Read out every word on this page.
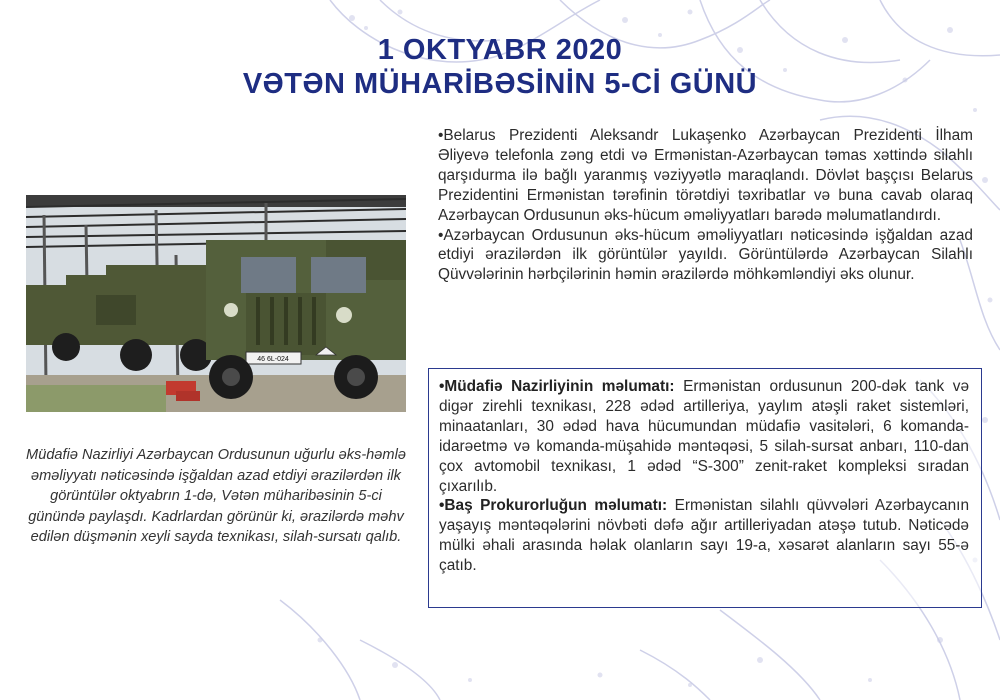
1 OKTYABR 2020
VƏTƏN MÜHARİBƏSİNİN 5-Cİ GÜNÜ

•Belarus Prezidenti Aleksandr Lukaşenko Azərbaycan Prezidenti İlham Əliyevə telefonla zəng etdi və Ermənistan-Azərbaycan təmas xəttində silahlı qarşıdurma ilə bağlı yaranmış vəziyyətlə maraqlandı. Dövlət başçısı Belarus Prezidentini Ermənistan tərəfinin törətdiyi təxribatlar və buna cavab olaraq Azərbaycan Ordusunun əks-hücum əməliyyatları barədə məlumatlandırdı.

•Azərbaycan Ordusunun əks-hücum əməliyyatları nəticəsində işğaldan azad etdiyi ərazilərdən ilk görüntülər yayıldı. Görüntülərdə Azərbaycan Silahlı Qüvvələrinin hərbçilərinin həmin ərazilərdə möhkəmləndiyi əks olunur.

46 6L-024
Müdafiə Nazirliyi Azərbaycan Ordusunun uğurlu əks-həmlə əməliyyatı nəticəsində işğaldan azad etdiyi ərazilərdən ilk görüntülər oktyabrın 1-də, Vətən müharibəsinin 5-ci günündə paylaşdı. Kadrlardan görünür ki, ərazilərdə məhv edilən düşmənin xeyli sayda texnikası, silah-sursatı qalıb.

•Müdafiə Nazirliyinin məlumatı: Ermənistan ordusunun 200-dək tank və digər zirehli texnikası, 228 ədəd artilleriya, yaylım atəşli raket sistemləri, minaatanları, 30 ədəd hava hücumundan müdafiə vasitələri, 6 komanda-idarəetmə və komanda-müşahidə məntəqəsi, 5 silah-sursat anbarı, 110-dan çox avtomobil texnikası, 1 ədəd “S-300” zenit-raket kompleksi sıradan çıxarılıb.

•Baş Prokurorluğun məlumatı: Ermənistan silahlı qüvvələri Azərbaycanın yaşayış məntəqələrini növbəti dəfə ağır artilleriyadan atəşə tutub. Nəticədə mülki əhali arasında həlak olanların sayı 19-a, xəsarət alanların sayı 55-ə çatıb.
